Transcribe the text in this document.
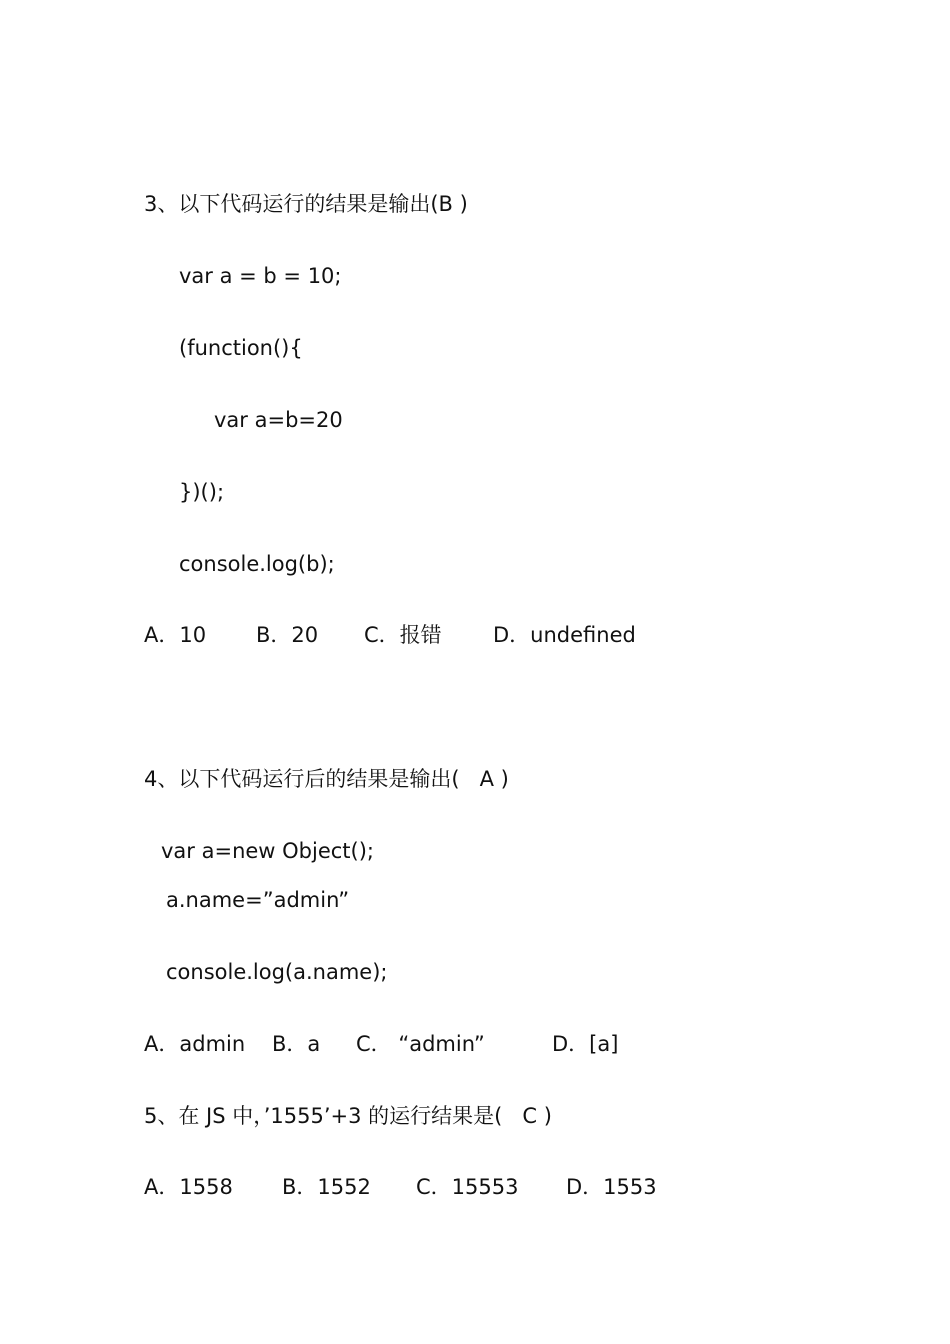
3、以下代码运行的结果是输出(B )
var a = b = 10;
(function(){
var a=b=20
})();
console.log(b);
A．10 B．20 C．报错 D．undefined
4、以下代码运行后的结果是输出(   A )
var a=new Object();
a.name=”admin”
console.log(a.name);
A．admin B．a C． “admin”	D．[a]
5、在 JS 中，’1555’+3 的运行结果是(   C )
A．1558 B．1552 C．15553 D．1553
